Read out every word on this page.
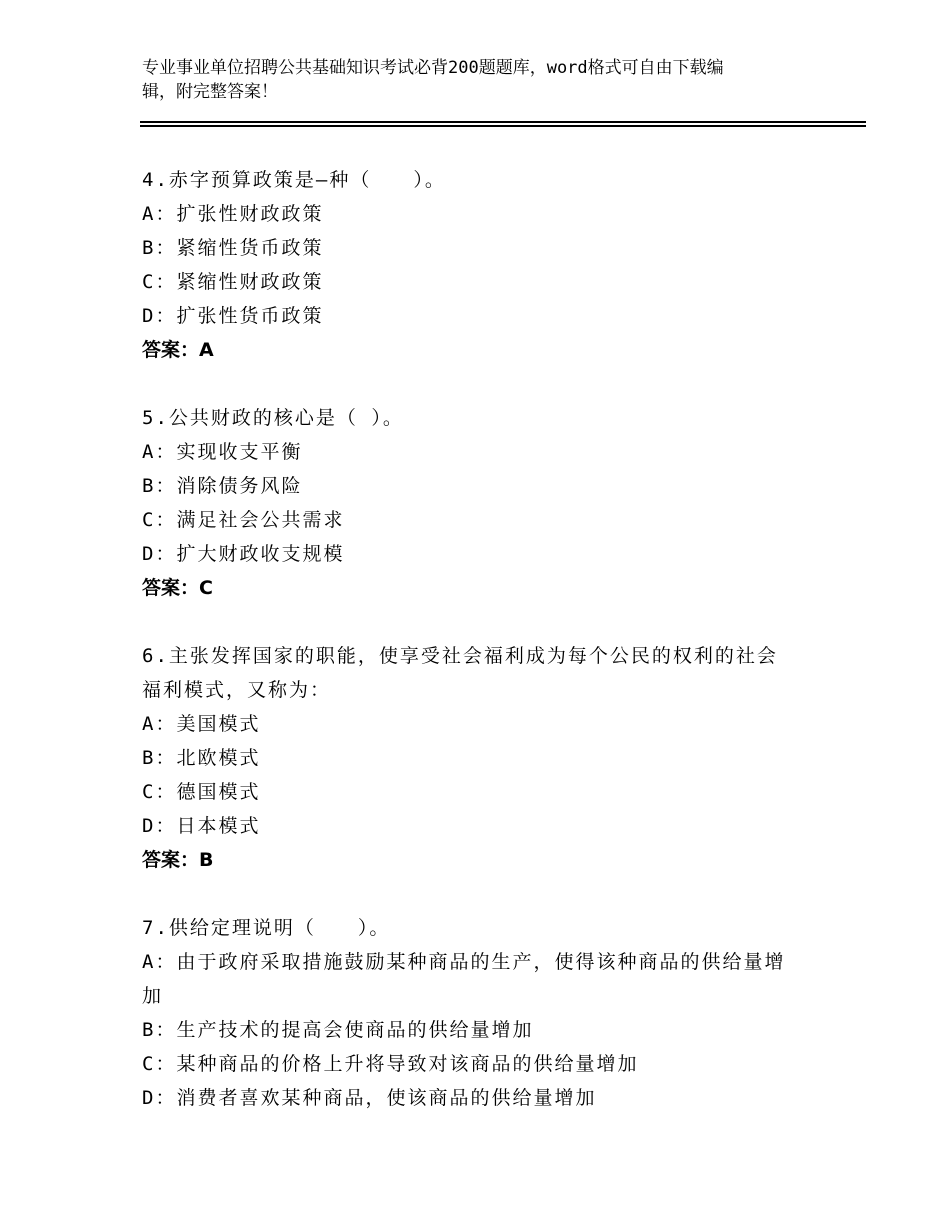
专业事业单位招聘公共基础知识考试必背200题题库，word格式可自由下载编
辑，附完整答案！
4.赤字预算政策是—种（　　）。
A：扩张性财政政策
B：紧缩性货币政策
C：紧缩性财政政策
D：扩张性货币政策
答案：A
5.公共财政的核心是（ ）。
A：实现收支平衡
B：消除债务风险
C：满足社会公共需求
D：扩大财政收支规模
答案：C
6.主张发挥国家的职能，使享受社会福利成为每个公民的权利的社会
福利模式，又称为：
A：美国模式
B：北欧模式
C：德国模式
D：日本模式
答案：B
7.供给定理说明（　　）。
A：由于政府采取措施鼓励某种商品的生产，使得该种商品的供给量增
加
B：生产技术的提高会使商品的供给量增加
C：某种商品的价格上升将导致对该商品的供给量增加
D：消费者喜欢某种商品，使该商品的供给量增加
